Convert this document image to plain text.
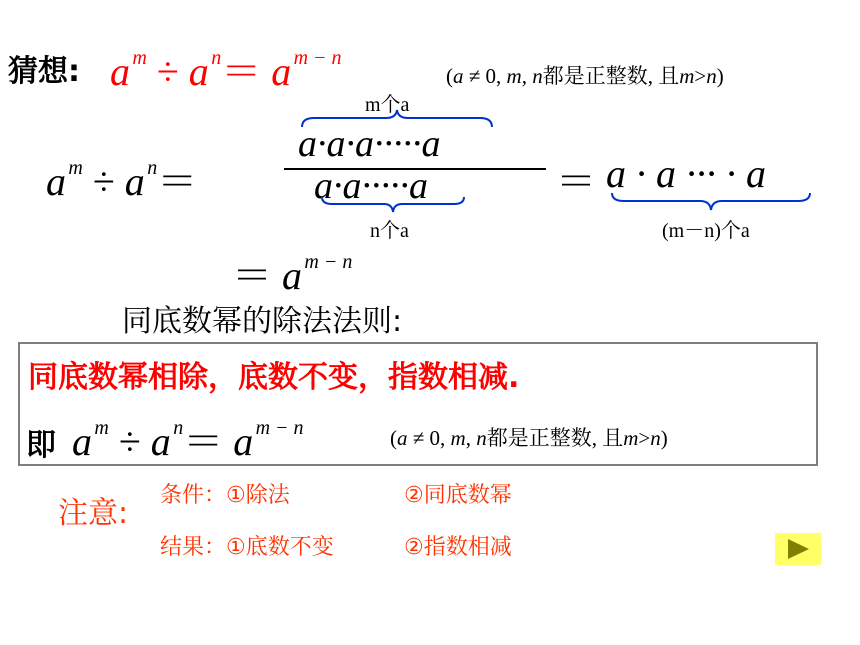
猜想: a $^m$ ÷ a $^n$＝ a $^{m - n}$
(a ≠ 0, m, n都是正整数, 且m>n)
m个a
a $^m$ ÷ a $^n$＝
a·a·a·····a
a·a·····a
n个a
＝ a · a ··· · a
(m－n)个a
＝ a $^{m - n}$
同底数幂的除法法则:
同底数幂相除，底数不变，指数相减.
即 a $^m$ ÷ a $^n$＝ a $^{m - n}$	(a ≠ 0, m, n都是正整数, 且m>n)
注意:
条件：①除法	②同底数幂
结果：①底数不变	②指数相减
